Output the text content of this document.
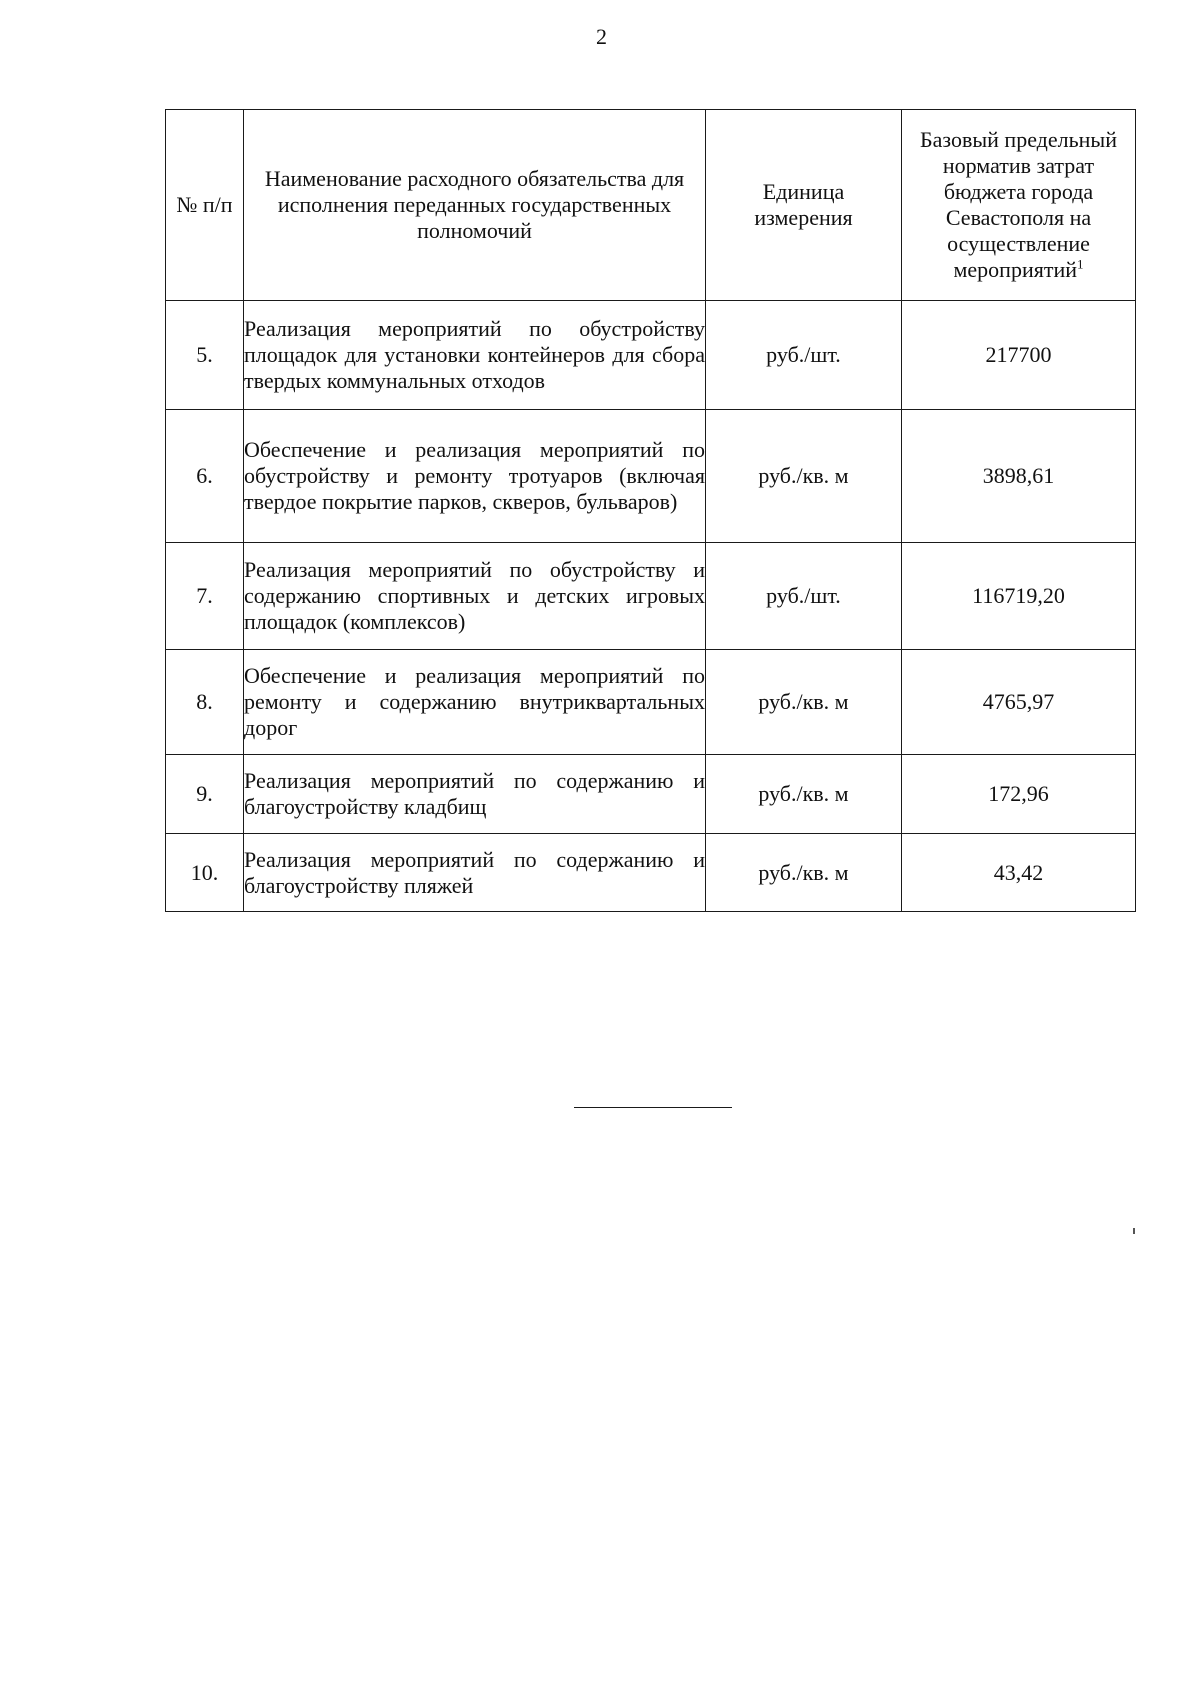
2
№ п/п	Наименование расходного обязательства для исполнения переданных государственных полномочий	Единица измерения	Базовый предельный норматив затрат бюджета города Севастополя на осуществление мероприятий$^1$

5.	Реализация мероприятий по обустройству площадок для установки контейнеров для сбора твердых коммунальных отходов	руб./шт.	217700
6.	Обеспечение и реализация мероприятий по обустройству и ремонту тротуаров (включая твердое покрытие парков, скверов, бульваров)	руб./кв. м	3898,61
7.	Реализация мероприятий по обустройству и содержанию спортивных и детских игровых площадок (комплексов)	руб./шт.	116719,20
8.	Обеспечение и реализация мероприятий по ремонту и содержанию внутриквартальных дорог	руб./кв. м	4765,97
9.	Реализация мероприятий по содержанию и благоустройству кладбищ	руб./кв. м	172,96
10.	Реализация мероприятий по содержанию и благоустройству пляжей	руб./кв. м	43,42
